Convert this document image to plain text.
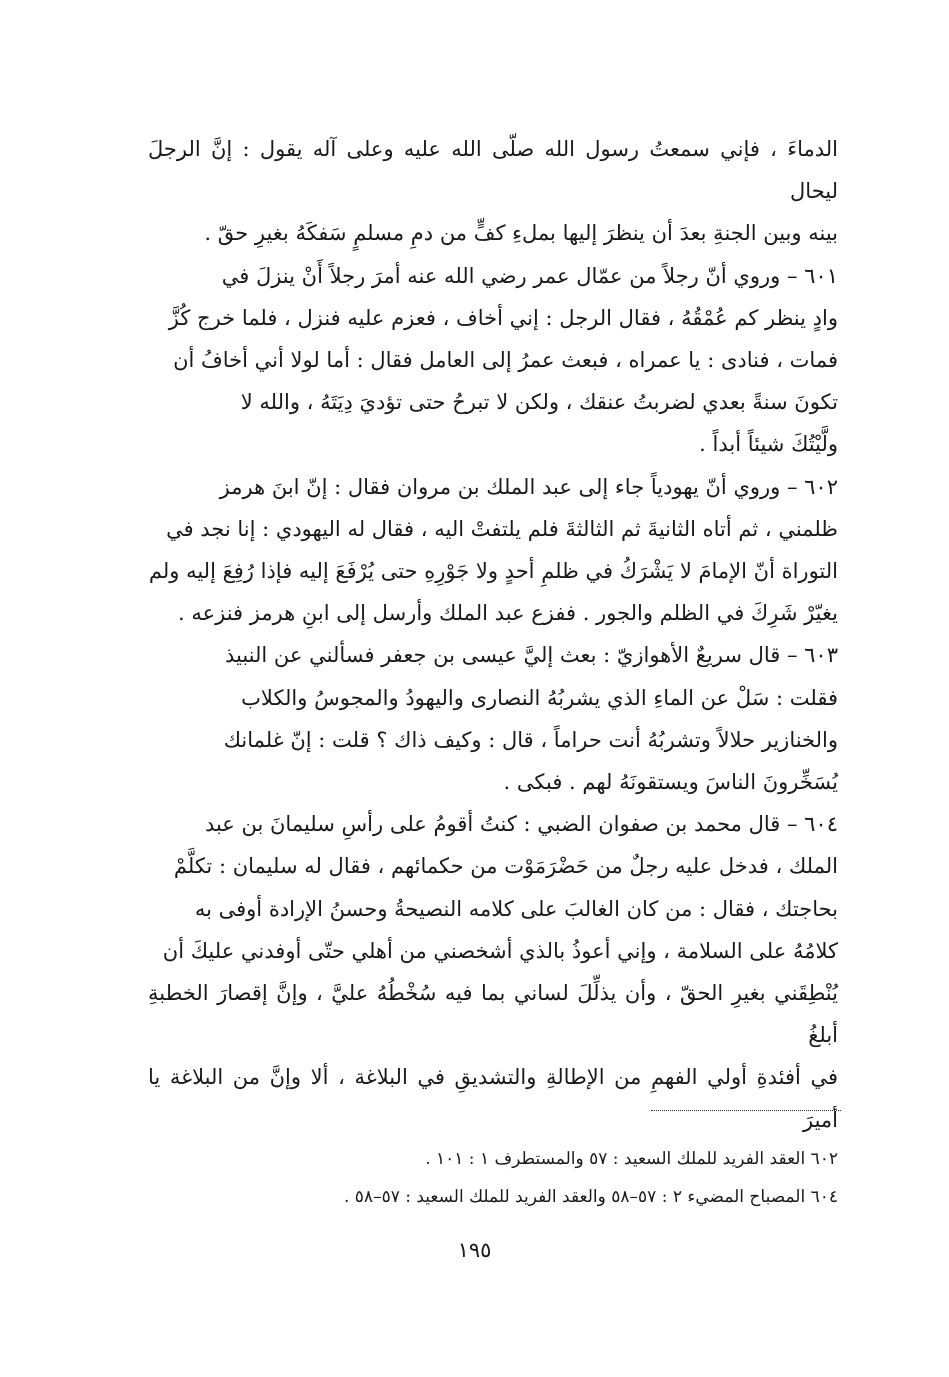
الدماءَ ، فإني سمعتُ رسول الله صلّى الله عليه وعلى آله يقول : إنَّ الرجلَ ليحال
بينه وبين الجنةِ بعدَ أن ينظرَ إليها بملءِ كفٍّ من دمِ مسلمٍ سَفكَهُ بغيرِ حقّ .
٦٠١ – وروي أنّ رجلاً من عمّال عمر رضي الله عنه أمرَ رجلاً أَنْ ينزلَ في
وادٍ ينظر كم عُمْقُهُ ، فقال الرجل : إني أخاف ، فعزم عليه فنزل ، فلما خرج كُزَّ
فمات ، فنادى : يا عمراه ، فبعث عمرُ إلى العامل فقال : أما لولا أني أخافُ أن
تكونَ سنةً بعدي لضربتُ عنقك ، ولكن لا تبرحُ حتى تؤديَ دِيَتَهُ ، والله لا
ولَّيْتُكَ شيئاً أبداً .
٦٠٢ – وروي أنّ يهودياً جاء إلى عبد الملك بن مروان فقال : إنّ ابنَ هرمز
ظلمني ، ثم أتاه الثانيةَ ثم الثالثةَ فلم يلتفتْ اليه ، فقال له اليهودي : إنا نجد في
التوراة أنّ الإمامَ لا يَشْرَكُ في ظلمِ أحدٍ ولا جَوْرِهِ حتى يُرْفَعَ إليه فإذا رُفِعَ إليه ولم
يغيّرْ شَرِكَ في الظلم والجور . ففزع عبد الملك وأرسل إلى ابنِ هرمز فنزعه .
٦٠٣ – قال سريعٌ الأهوازيّ : بعث إليَّ عيسى بن جعفر فسألني عن النبيذ
فقلت : سَلْ عن الماءِ الذي يشربُهُ النصارى واليهودُ والمجوسُ والكلاب
والخنازير حلالاً وتشربُهُ أنت حراماً ، قال : وكيف ذاك ؟ قلت : إنّ غلمانك
يُسَخِّرونَ الناسَ ويستقونَهُ لهم . فبكى .
٦٠٤ – قال محمد بن صفوان الضبي : كنتُ أقومُ على رأسِ سليمانَ بن عبد
الملك ، فدخل عليه رجلٌ من حَضْرَمَوْت من حكمائهم ، فقال له سليمان : تكلَّمْ
بحاجتك ، فقال : من كان الغالبَ على كلامه النصيحةُ وحسنُ الإرادة أوفى به
كلامُهُ على السلامة ، وإني أعوذُ بالذي أشخصني من أهلي حتّى أوفدني عليكَ أن
يُنْطِقَني بغيرِ الحقّ ، وأن يذلِّلَ لساني بما فيه سُخْطُهُ عليَّ ، وإنَّ إقصارَ الخطبةِ أبلغُ
في أفئدةِ أولي الفهمِ من الإطالةِ والتشديقِ في البلاغة ، ألا وإنَّ من البلاغة يا أميرَ
٦٠٢ العقد الفريد للملك السعيد : ٥٧ والمستطرف ١ : ١٠١ .
٦٠٤ المصباح المضيء ٢ : ٥٧–٥٨ والعقد الفريد للملك السعيد : ٥٧–٥٨ .
١٩٥
